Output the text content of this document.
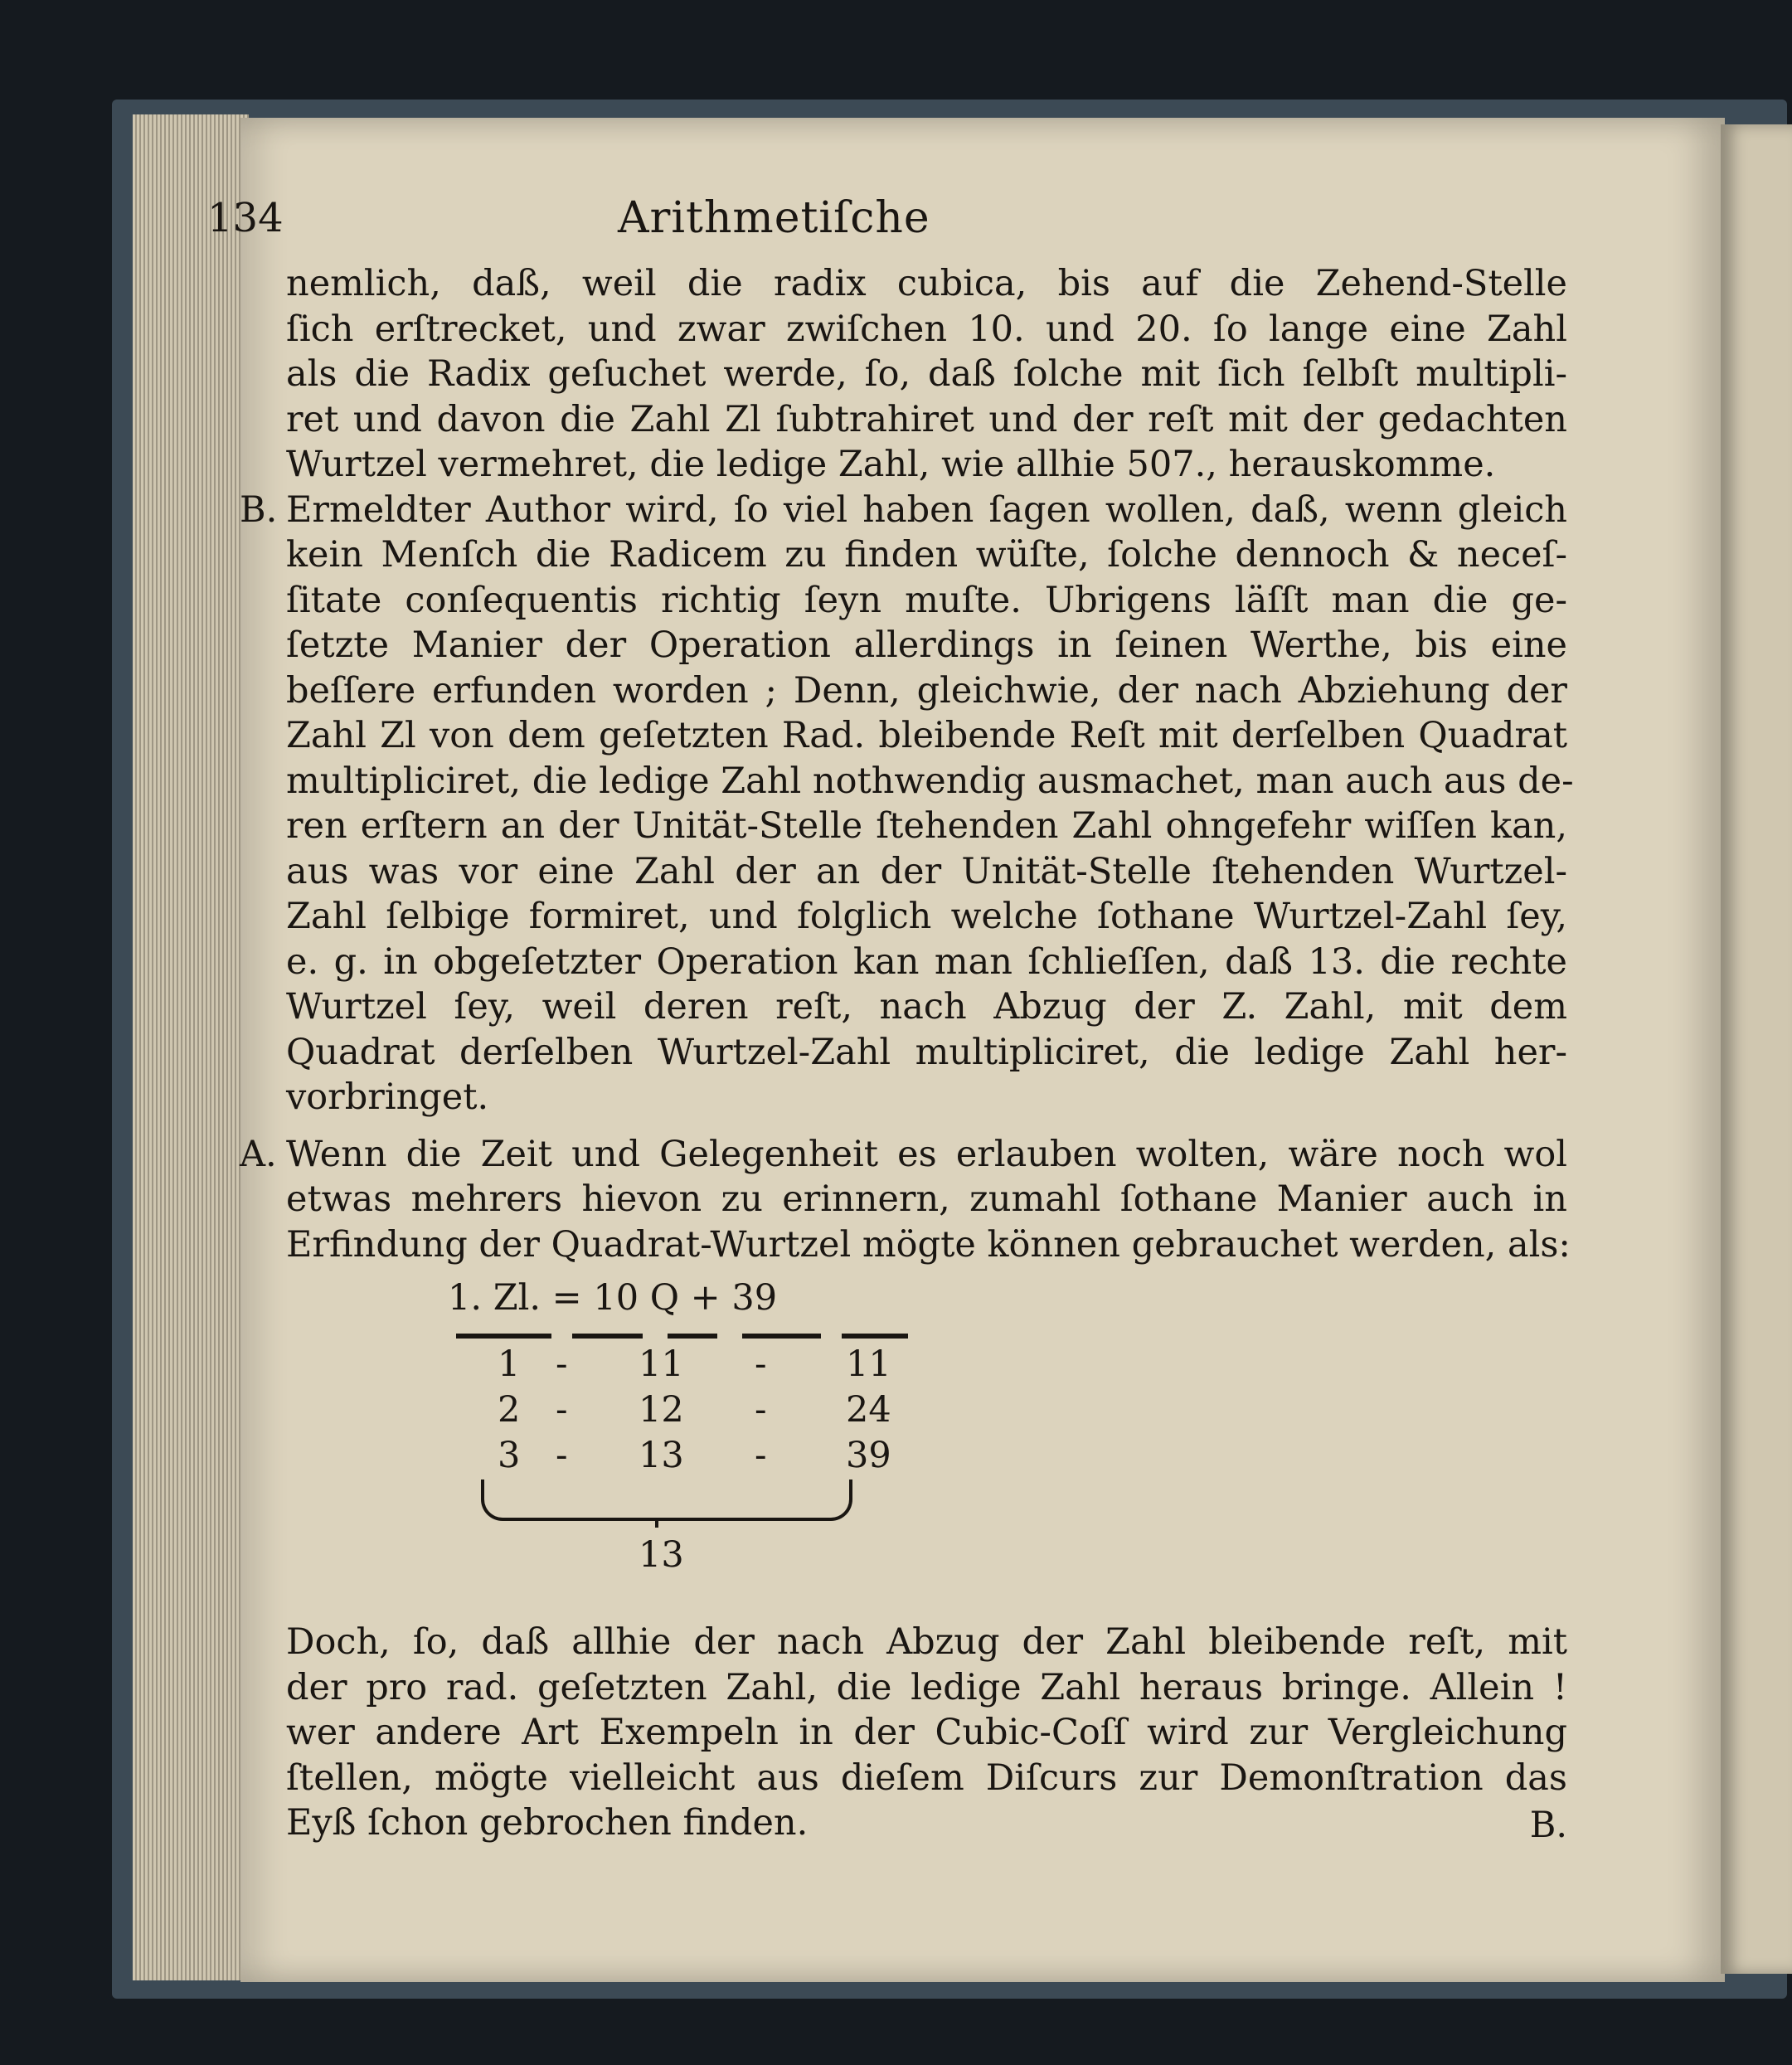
134	Arithmetiſche
nemlich, daß, weil die radix cubica, bis auf die Zehend-Stelle
ſich erſtrecket, und zwar zwiſchen 10. und 20. ſo lange eine Zahl
als die Radix geſuchet werde, ſo, daß ſolche mit ſich ſelbſt multipli-
ret und davon die Zahl Zl ſubtrahiret und der reſt mit der gedachten
Wurtzel vermehret, die ledige Zahl, wie allhie 507., herauskomme.
B. Ermeldter Author wird, ſo viel haben ſagen wollen, daß, wenn gleich
kein Menſch die Radicem zu finden wüſte, ſolche dennoch & neceſ-
ſitate conſequentis richtig ſeyn muſte. Ubrigens läſſt man die ge-
ſetzte Manier der Operation allerdings in ſeinen Werthe, bis eine
beſſere erfunden worden ; Denn, gleichwie, der nach Abziehung der
Zahl Zl von dem geſetzten Rad. bleibende Reſt mit derſelben Quadrat
multipliciret, die ledige Zahl nothwendig ausmachet, man auch aus de-
ren erſtern an der Unität-Stelle ſtehenden Zahl ohngefehr wiſſen kan,
aus was vor eine Zahl der an der Unität-Stelle ſtehenden Wurtzel-
Zahl ſelbige formiret, und folglich welche ſothane Wurtzel-Zahl ſey,
e. g. in obgeſetzter Operation kan man ſchlieſſen, daß 13. die rechte
Wurtzel ſey, weil deren reſt, nach Abzug der Z. Zahl, mit dem
Quadrat derſelben Wurtzel-Zahl multipliciret, die ledige Zahl her-
vorbringet.
A. Wenn die Zeit und Gelegenheit es erlauben wolten, wäre noch wol
etwas mehrers hievon zu erinnern, zumahl ſothane Manier auch in
Erfindung der Quadrat-Wurtzel mögte können gebrauchet werden, als:
1. Zl. = 10 Q + 39
1 - 11 - 11
2 - 12 - 24
3 - 13 - 39
13
Doch, ſo, daß allhie der nach Abzug der Zahl bleibende reſt, mit
der pro rad. geſetzten Zahl, die ledige Zahl heraus bringe. Allein !
wer andere Art Exempeln in der Cubic-Coſſ wird zur Vergleichung
ſtellen, mögte vielleicht aus dieſem Diſcurs zur Demonſtration das
Eyß ſchon gebrochen finden.	B.
